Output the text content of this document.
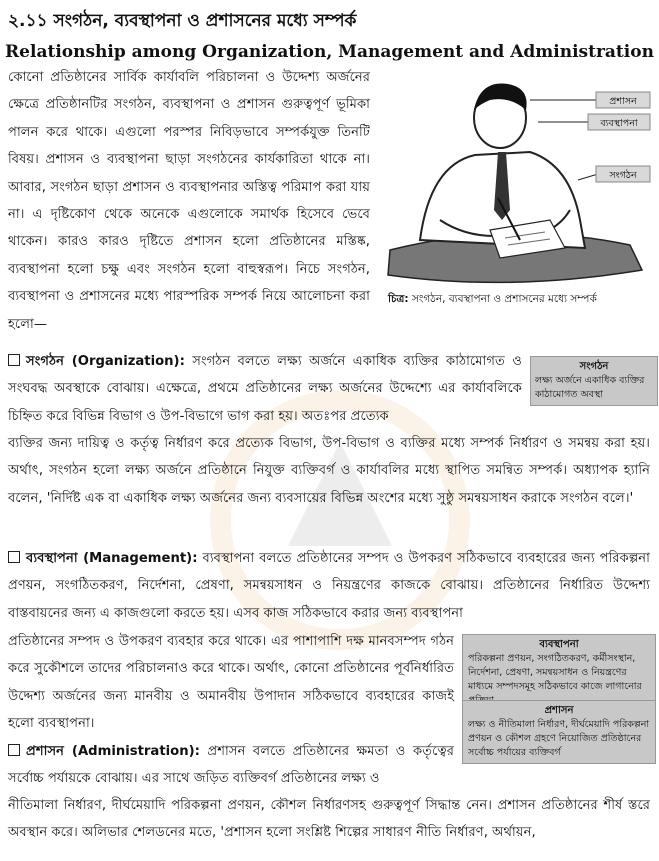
২.১১ সংগঠন, ব্যবস্থাপনা ও প্রশাসনের মধ্যে সম্পর্ক
Relationship among Organization, Management and Administration
কোনো প্রতিষ্ঠানের সার্বিক কার্যাবলি পরিচালনা ও উদ্দেশ্য অর্জনের ক্ষেত্রে প্রতিষ্ঠানটির সংগঠন, ব্যবস্থাপনা ও প্রশাসন গুরুত্বপূর্ণ ভূমিকা পালন করে থাকে। এগুলো পরস্পর নিবিড়ভাবে সম্পর্কযুক্ত তিনটি বিষয়। প্রশাসন ও ব্যবস্থাপনা ছাড়া সংগঠনের কার্যকারিতা থাকে না। আবার, সংগঠন ছাড়া প্রশাসন ও ব্যবস্থাপনার অস্তিত্ব পরিমাপ করা যায় না। এ দৃষ্টিকোণ থেকে অনেকে এগুলোকে সমার্থক হিসেবে ভেবে থাকেন। কারও কারও দৃষ্টিতে প্রশাসন হলো প্রতিষ্ঠানের মস্তিষ্ক, ব্যবস্থাপনা হলো চক্ষু এবং সংগঠন হলো বাহুস্বরূপ। নিচে সংগঠন, ব্যবস্থাপনা ও প্রশাসনের মধ্যে পারস্পরিক সম্পর্ক নিয়ে আলোচনা করা হলো—
প্রশাসন
ব্যবস্থাপনা
সংগঠন
চিত্র: সংগঠন, ব্যবস্থাপনা ও প্রশাসনের মধ্যে সম্পর্ক
সংগঠন (Organization): সংগঠন বলতে লক্ষ্য অর্জনে একাধিক ব্যক্তির কাঠামোগত ও সংঘবদ্ধ অবস্থাকে বোঝায়। এক্ষেত্রে, প্রথমে প্রতিষ্ঠানের লক্ষ্য অর্জনের উদ্দেশ্যে এর কার্যাবলিকে চিহ্নিত করে বিভিন্ন বিভাগ ও উপ-বিভাগে ভাগ করা হয়। অতঃপর প্রত্যেক
ব্যক্তির জন্য দায়িত্ব ও কর্তৃত্ব নির্ধারণ করে প্রত্যেক বিভাগ, উপ-বিভাগ ও ব্যক্তির মধ্যে সম্পর্ক নির্ধারণ ও সমন্বয় করা হয়। অর্থাৎ, সংগঠন হলো লক্ষ্য অর্জনে প্রতিষ্ঠানে নিযুক্ত ব্যক্তিবর্গ ও কার্যাবলির মধ্যে স্থাপিত সমন্বিত সম্পর্ক। অধ্যাপক হ্যানি বলেন, 'নির্দিষ্ট এক বা একাধিক লক্ষ্য অর্জনের জন্য ব্যবসায়ের বিভিন্ন অংশের মধ্যে সুষ্ঠু সমন্বয়সাধন করাকে সংগঠন বলে।'
সংগঠন
লক্ষ্য অর্জনে একাধিক ব্যক্তির কাঠামোগত অবস্থা
ব্যবস্থাপনা (Management): ব্যবস্থাপনা বলতে প্রতিষ্ঠানের সম্পদ ও উপকরণ সঠিকভাবে ব্যবহারের জন্য পরিকল্পনা প্রণয়ন, সংগঠিতকরণ, নির্দেশনা, প্রেষণা, সমন্বয়সাধন ও নিয়ন্ত্রণের কাজকে বোঝায়। প্রতিষ্ঠানের নির্ধারিত উদ্দেশ্য বাস্তবায়নের জন্য এ কাজগুলো করতে হয়। এসব কাজ সঠিকভাবে করার জন্য ব্যবস্থাপনা
প্রতিষ্ঠানের সম্পদ ও উপকরণ ব্যবহার করে থাকে। এর পাশাপাশি দক্ষ মানবসম্পদ গঠন করে সুকৌশলে তাদের পরিচালনাও করে থাকে। অর্থাৎ, কোনো প্রতিষ্ঠানের পূর্বনির্ধারিত উদ্দেশ্য অর্জনের জন্য মানবীয় ও অমানবীয় উপাদান সঠিকভাবে ব্যবহারের কাজই হলো ব্যবস্থাপনা।
ব্যবস্থাপনা
পরিকল্পনা প্রণয়ন, সংগঠিতকরণ, কর্মীসংস্থান, নির্দেশনা, প্রেষণা, সমন্বয়সাধন ও নিয়ন্ত্রণের মাধ্যমে সম্পদসমূহ সঠিকভাবে কাজে লাগানোর
প্রশাসন (Administration): প্রশাসন বলতে প্রতিষ্ঠানের ক্ষমতা ও কর্তৃত্বের সর্বোচ্চ পর্যায়কে বোঝায়। এর সাথে জড়িত ব্যক্তিবর্গ প্রতিষ্ঠানের লক্ষ্য ও
নীতিমালা নির্ধারণ, দীর্ঘমেয়াদি পরিকল্পনা প্রণয়ন, কৌশল নির্ধারণসহ গুরুত্বপূর্ণ সিদ্ধান্ত নেন। প্রশাসন প্রতিষ্ঠানের শীর্ষ স্তরে অবস্থান করে। অলিভার শেলডনের মতে, 'প্রশাসন হলো সংশ্লিষ্ট শিল্পের সাধারণ নীতি নির্ধারণ, অর্থায়ন,
প্রশাসন
লক্ষ্য ও নীতিমালা নির্ধারণ, দীর্ঘমেয়াদি পরিকল্পনা প্রণয়ন ও কৌশল গ্রহণে নিয়োজিত প্রতিষ্ঠানের সর্বোচ্চ পর্যায়ের ব্যক্তিবর্গ
